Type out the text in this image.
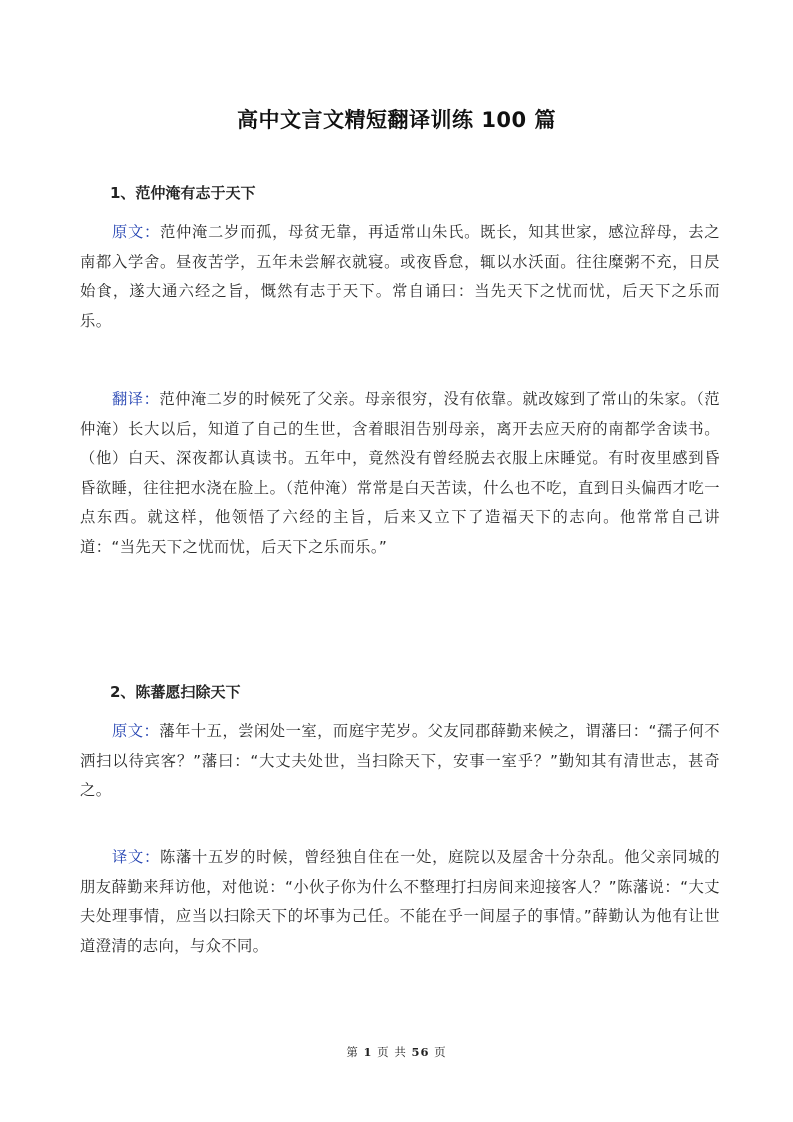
高中文言文精短翻译训练 100 篇
1、范仲淹有志于天下

原文：范仲淹二岁而孤，母贫无靠，再适常山朱氏。既长，知其世家，感泣辞母，去之南都入学舍。昼夜苦学，五年未尝解衣就寝。或夜昏怠，辄以水沃面。往往糜粥不充，日昃始食，遂大通六经之旨，慨然有志于天下。常自诵曰：当先天下之忧而忧，后天下之乐而乐。

翻译：范仲淹二岁的时候死了父亲。母亲很穷，没有依靠。就改嫁到了常山的朱家。（范仲淹）长大以后，知道了自己的生世，含着眼泪告别母亲，离开去应天府的南都学舍读书。（他）白天、深夜都认真读书。五年中，竟然没有曾经脱去衣服上床睡觉。有时夜里感到昏昏欲睡，往往把水浇在脸上。（范仲淹）常常是白天苦读，什么也不吃，直到日头偏西才吃一点东西。就这样，他领悟了六经的主旨，后来又立下了造福天下的志向。他常常自己讲道：“当先天下之忧而忧，后天下之乐而乐。”

2、陈蕃愿扫除天下

原文：藩年十五，尝闲处一室，而庭宇芜岁。父友同郡薛勤来候之，谓藩曰：“孺子何不洒扫以待宾客？”藩曰：“大丈夫处世，当扫除天下，安事一室乎？”勤知其有清世志，甚奇之。

译文：陈藩十五岁的时候，曾经独自住在一处，庭院以及屋舍十分杂乱。他父亲同城的朋友薛勤来拜访他，对他说：“小伙子你为什么不整理打扫房间来迎接客人？”陈藩说：“大丈夫处理事情，应当以扫除天下的坏事为己任。不能在乎一间屋子的事情。”薛勤认为他有让世道澄清的志向，与众不同。

第 1 页 共 56 页
